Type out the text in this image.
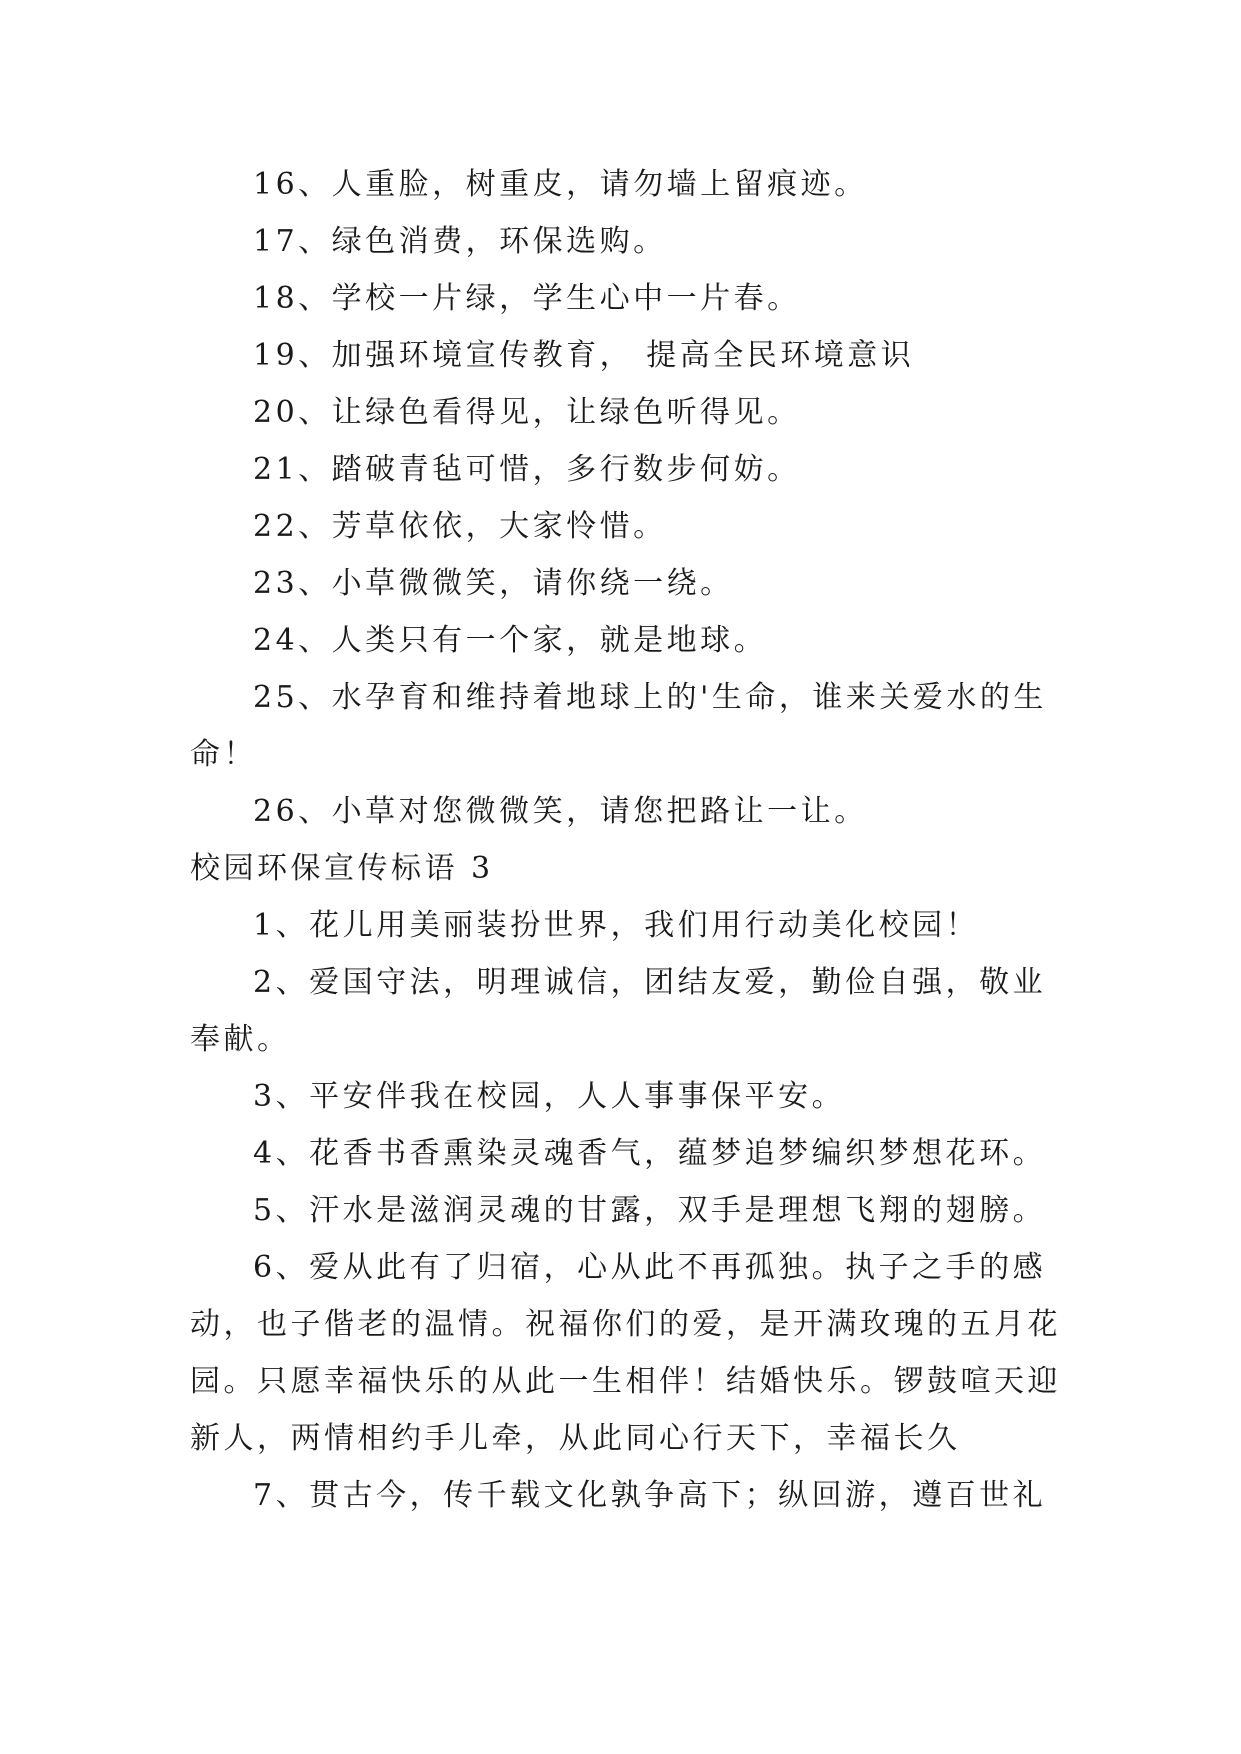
16、人重脸，树重皮，请勿墙上留痕迹。
17、绿色消费，环保选购。
18、学校一片绿，学生心中一片春。
19、加强环境宣传教育， 提高全民环境意识
20、让绿色看得见，让绿色听得见。
21、踏破青毡可惜，多行数步何妨。
22、芳草依依，大家怜惜。
23、小草微微笑，请你绕一绕。
24、人类只有一个家，就是地球。
25、水孕育和维持着地球上的'生命，谁来关爱水的生
命！
26、小草对您微微笑，请您把路让一让。
校园环保宣传标语 3
1、花儿用美丽装扮世界，我们用行动美化校园！
2、爱国守法，明理诚信，团结友爱，勤俭自强，敬业
奉献。
3、平安伴我在校园，人人事事保平安。
4、花香书香熏染灵魂香气，蕴梦追梦编织梦想花环。
5、汗水是滋润灵魂的甘露，双手是理想飞翔的翅膀。
6、爱从此有了归宿，心从此不再孤独。执子之手的感
动，也子偕老的温情。祝福你们的爱，是开满玫瑰的五月花
园。只愿幸福快乐的从此一生相伴！结婚快乐。锣鼓喧天迎
新人，两情相约手儿牵，从此同心行天下，幸福长久
7、贯古今，传千载文化孰争高下；纵回游，遵百世礼
